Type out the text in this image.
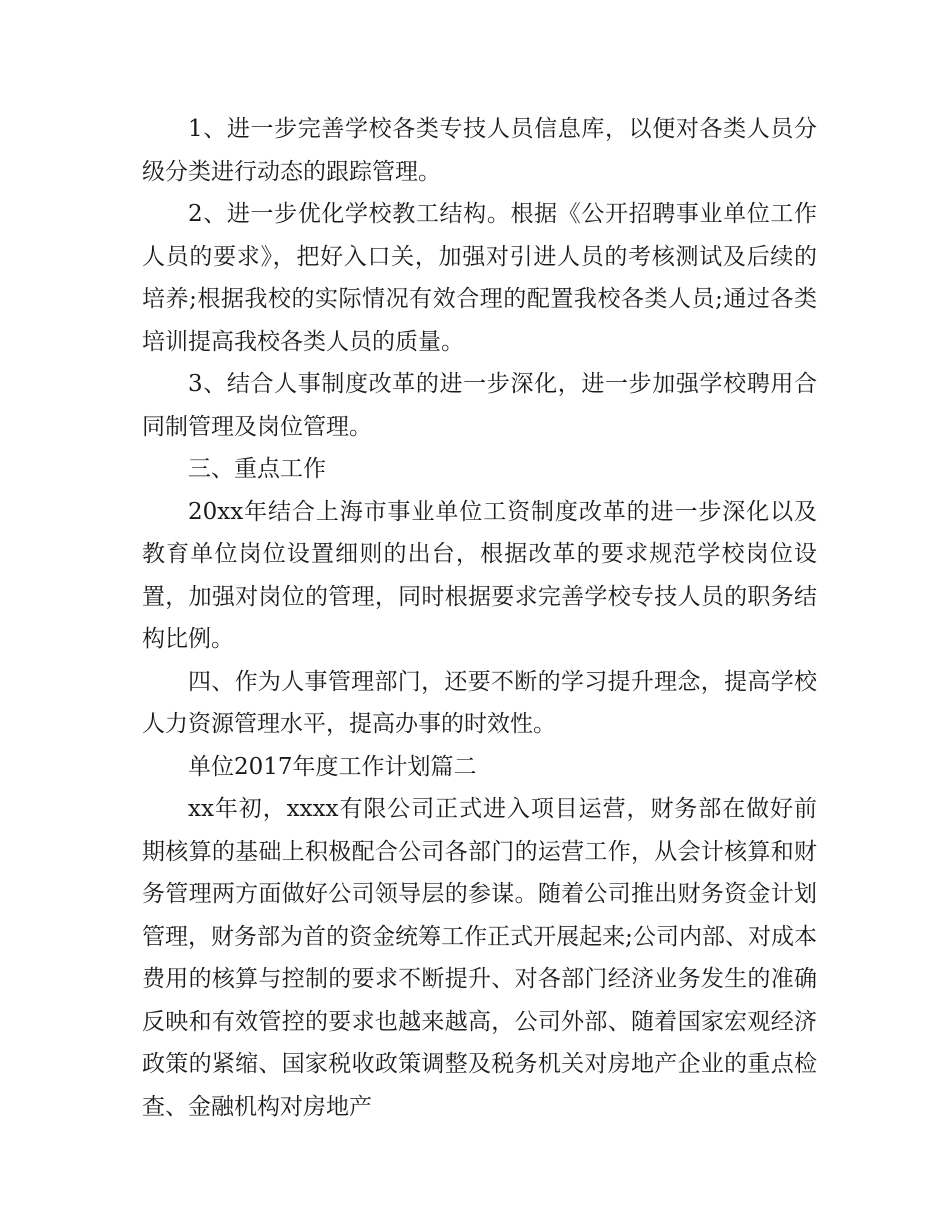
1、进一步完善学校各类专技人员信息库，以便对各类人员分级分类进行动态的跟踪管理。

2、进一步优化学校教工结构。根据《公开招聘事业单位工作人员的要求》，把好入口关，加强对引进人员的考核测试及后续的培养;根据我校的实际情况有效合理的配置我校各类人员;通过各类培训提高我校各类人员的质量。

3、结合人事制度改革的进一步深化，进一步加强学校聘用合同制管理及岗位管理。

三、重点工作

20xx年结合上海市事业单位工资制度改革的进一步深化以及教育单位岗位设置细则的出台，根据改革的要求规范学校岗位设置，加强对岗位的管理，同时根据要求完善学校专技人员的职务结构比例。

四、作为人事管理部门，还要不断的学习提升理念，提高学校人力资源管理水平，提高办事的时效性。

单位2017年度工作计划篇二

xx年初，xxxx有限公司正式进入项目运营，财务部在做好前期核算的基础上积极配合公司各部门的运营工作，从会计核算和财务管理两方面做好公司领导层的参谋。随着公司推出财务资金计划管理，财务部为首的资金统筹工作正式开展起来;公司内部、对成本费用的核算与控制的要求不断提升、对各部门经济业务发生的准确反映和有效管控的要求也越来越高，公司外部、随着国家宏观经济政策的紧缩、国家税收政策调整及税务机关对房地产企业的重点检查、金融机构对房地产
